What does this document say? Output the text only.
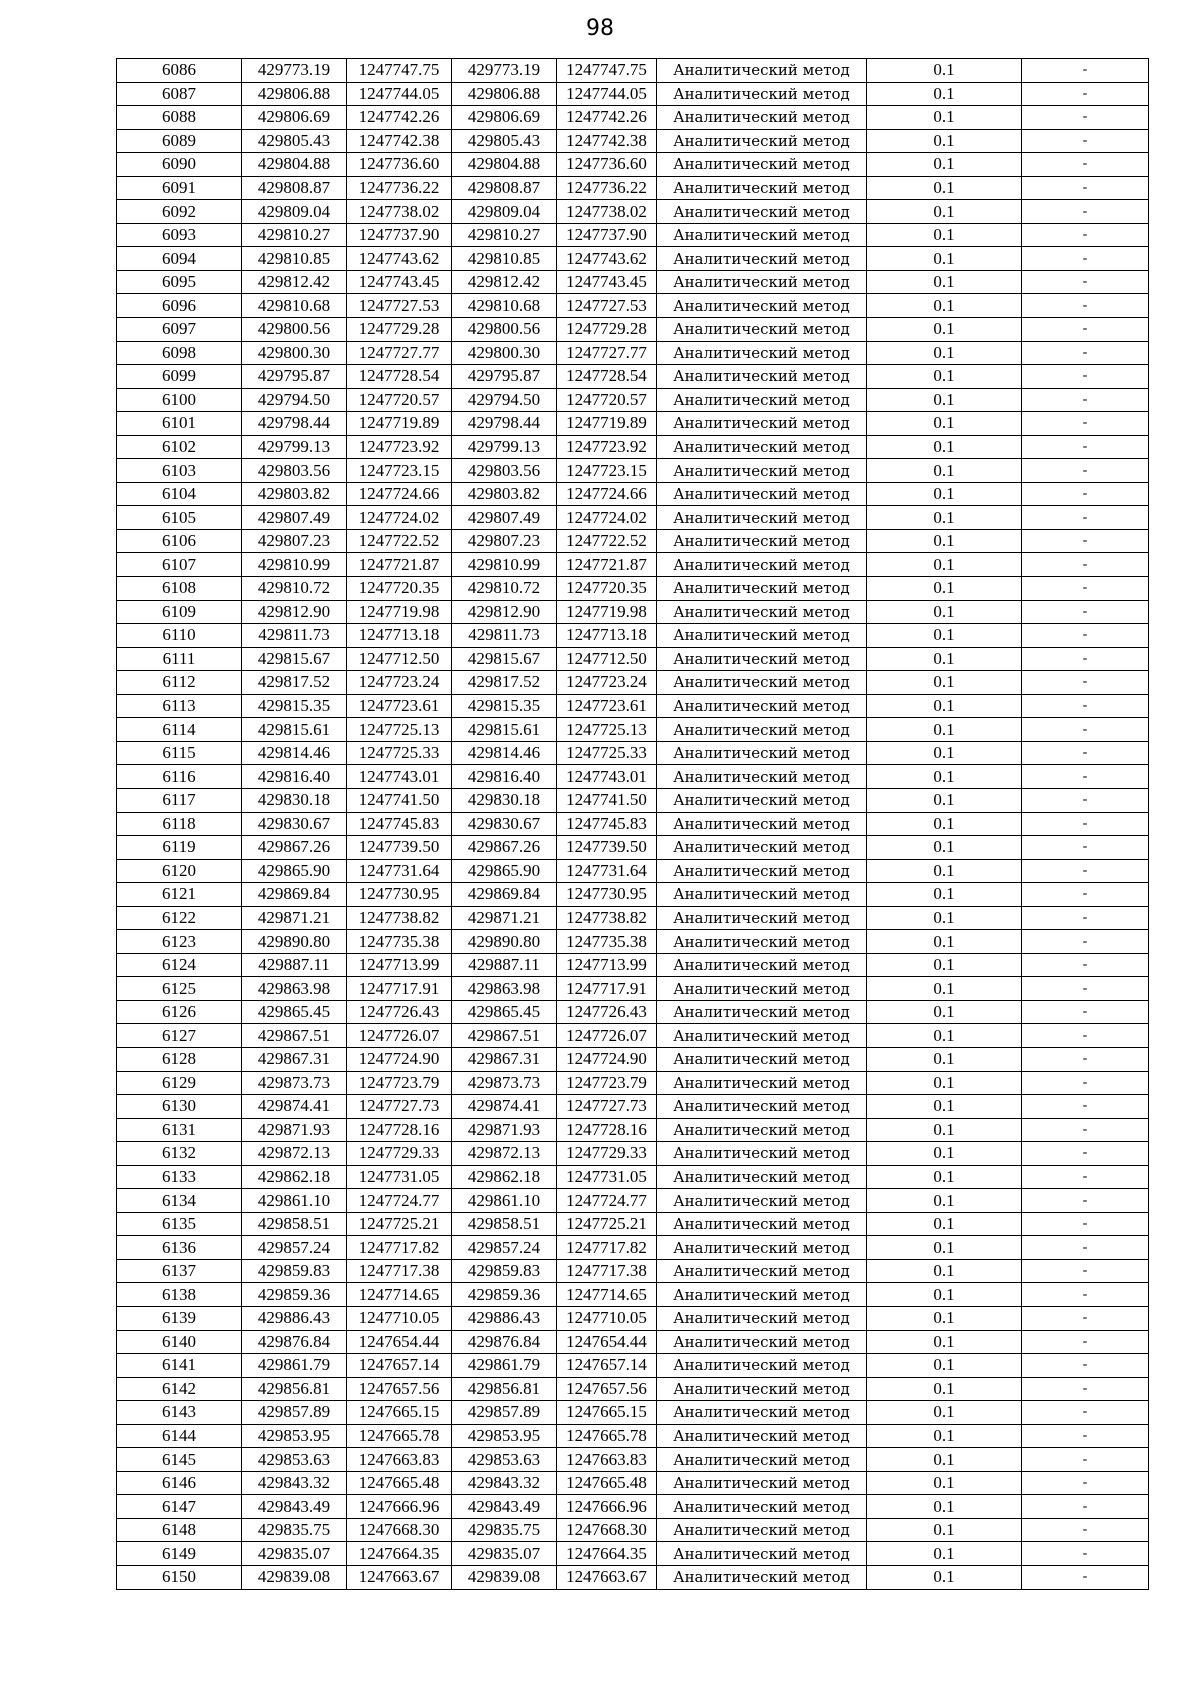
98
6086	429773.19	1247747.75	429773.19	1247747.75	Аналитический метод	0.1	-
6087	429806.88	1247744.05	429806.88	1247744.05	Аналитический метод	0.1	-
6088	429806.69	1247742.26	429806.69	1247742.26	Аналитический метод	0.1	-
6089	429805.43	1247742.38	429805.43	1247742.38	Аналитический метод	0.1	-
6090	429804.88	1247736.60	429804.88	1247736.60	Аналитический метод	0.1	-
6091	429808.87	1247736.22	429808.87	1247736.22	Аналитический метод	0.1	-
6092	429809.04	1247738.02	429809.04	1247738.02	Аналитический метод	0.1	-
6093	429810.27	1247737.90	429810.27	1247737.90	Аналитический метод	0.1	-
6094	429810.85	1247743.62	429810.85	1247743.62	Аналитический метод	0.1	-
6095	429812.42	1247743.45	429812.42	1247743.45	Аналитический метод	0.1	-
6096	429810.68	1247727.53	429810.68	1247727.53	Аналитический метод	0.1	-
6097	429800.56	1247729.28	429800.56	1247729.28	Аналитический метод	0.1	-
6098	429800.30	1247727.77	429800.30	1247727.77	Аналитический метод	0.1	-
6099	429795.87	1247728.54	429795.87	1247728.54	Аналитический метод	0.1	-
6100	429794.50	1247720.57	429794.50	1247720.57	Аналитический метод	0.1	-
6101	429798.44	1247719.89	429798.44	1247719.89	Аналитический метод	0.1	-
6102	429799.13	1247723.92	429799.13	1247723.92	Аналитический метод	0.1	-
6103	429803.56	1247723.15	429803.56	1247723.15	Аналитический метод	0.1	-
6104	429803.82	1247724.66	429803.82	1247724.66	Аналитический метод	0.1	-
6105	429807.49	1247724.02	429807.49	1247724.02	Аналитический метод	0.1	-
6106	429807.23	1247722.52	429807.23	1247722.52	Аналитический метод	0.1	-
6107	429810.99	1247721.87	429810.99	1247721.87	Аналитический метод	0.1	-
6108	429810.72	1247720.35	429810.72	1247720.35	Аналитический метод	0.1	-
6109	429812.90	1247719.98	429812.90	1247719.98	Аналитический метод	0.1	-
6110	429811.73	1247713.18	429811.73	1247713.18	Аналитический метод	0.1	-
6111	429815.67	1247712.50	429815.67	1247712.50	Аналитический метод	0.1	-
6112	429817.52	1247723.24	429817.52	1247723.24	Аналитический метод	0.1	-
6113	429815.35	1247723.61	429815.35	1247723.61	Аналитический метод	0.1	-
6114	429815.61	1247725.13	429815.61	1247725.13	Аналитический метод	0.1	-
6115	429814.46	1247725.33	429814.46	1247725.33	Аналитический метод	0.1	-
6116	429816.40	1247743.01	429816.40	1247743.01	Аналитический метод	0.1	-
6117	429830.18	1247741.50	429830.18	1247741.50	Аналитический метод	0.1	-
6118	429830.67	1247745.83	429830.67	1247745.83	Аналитический метод	0.1	-
6119	429867.26	1247739.50	429867.26	1247739.50	Аналитический метод	0.1	-
6120	429865.90	1247731.64	429865.90	1247731.64	Аналитический метод	0.1	-
6121	429869.84	1247730.95	429869.84	1247730.95	Аналитический метод	0.1	-
6122	429871.21	1247738.82	429871.21	1247738.82	Аналитический метод	0.1	-
6123	429890.80	1247735.38	429890.80	1247735.38	Аналитический метод	0.1	-
6124	429887.11	1247713.99	429887.11	1247713.99	Аналитический метод	0.1	-
6125	429863.98	1247717.91	429863.98	1247717.91	Аналитический метод	0.1	-
6126	429865.45	1247726.43	429865.45	1247726.43	Аналитический метод	0.1	-
6127	429867.51	1247726.07	429867.51	1247726.07	Аналитический метод	0.1	-
6128	429867.31	1247724.90	429867.31	1247724.90	Аналитический метод	0.1	-
6129	429873.73	1247723.79	429873.73	1247723.79	Аналитический метод	0.1	-
6130	429874.41	1247727.73	429874.41	1247727.73	Аналитический метод	0.1	-
6131	429871.93	1247728.16	429871.93	1247728.16	Аналитический метод	0.1	-
6132	429872.13	1247729.33	429872.13	1247729.33	Аналитический метод	0.1	-
6133	429862.18	1247731.05	429862.18	1247731.05	Аналитический метод	0.1	-
6134	429861.10	1247724.77	429861.10	1247724.77	Аналитический метод	0.1	-
6135	429858.51	1247725.21	429858.51	1247725.21	Аналитический метод	0.1	-
6136	429857.24	1247717.82	429857.24	1247717.82	Аналитический метод	0.1	-
6137	429859.83	1247717.38	429859.83	1247717.38	Аналитический метод	0.1	-
6138	429859.36	1247714.65	429859.36	1247714.65	Аналитический метод	0.1	-
6139	429886.43	1247710.05	429886.43	1247710.05	Аналитический метод	0.1	-
6140	429876.84	1247654.44	429876.84	1247654.44	Аналитический метод	0.1	-
6141	429861.79	1247657.14	429861.79	1247657.14	Аналитический метод	0.1	-
6142	429856.81	1247657.56	429856.81	1247657.56	Аналитический метод	0.1	-
6143	429857.89	1247665.15	429857.89	1247665.15	Аналитический метод	0.1	-
6144	429853.95	1247665.78	429853.95	1247665.78	Аналитический метод	0.1	-
6145	429853.63	1247663.83	429853.63	1247663.83	Аналитический метод	0.1	-
6146	429843.32	1247665.48	429843.32	1247665.48	Аналитический метод	0.1	-
6147	429843.49	1247666.96	429843.49	1247666.96	Аналитический метод	0.1	-
6148	429835.75	1247668.30	429835.75	1247668.30	Аналитический метод	0.1	-
6149	429835.07	1247664.35	429835.07	1247664.35	Аналитический метод	0.1	-
6150	429839.08	1247663.67	429839.08	1247663.67	Аналитический метод	0.1	-
